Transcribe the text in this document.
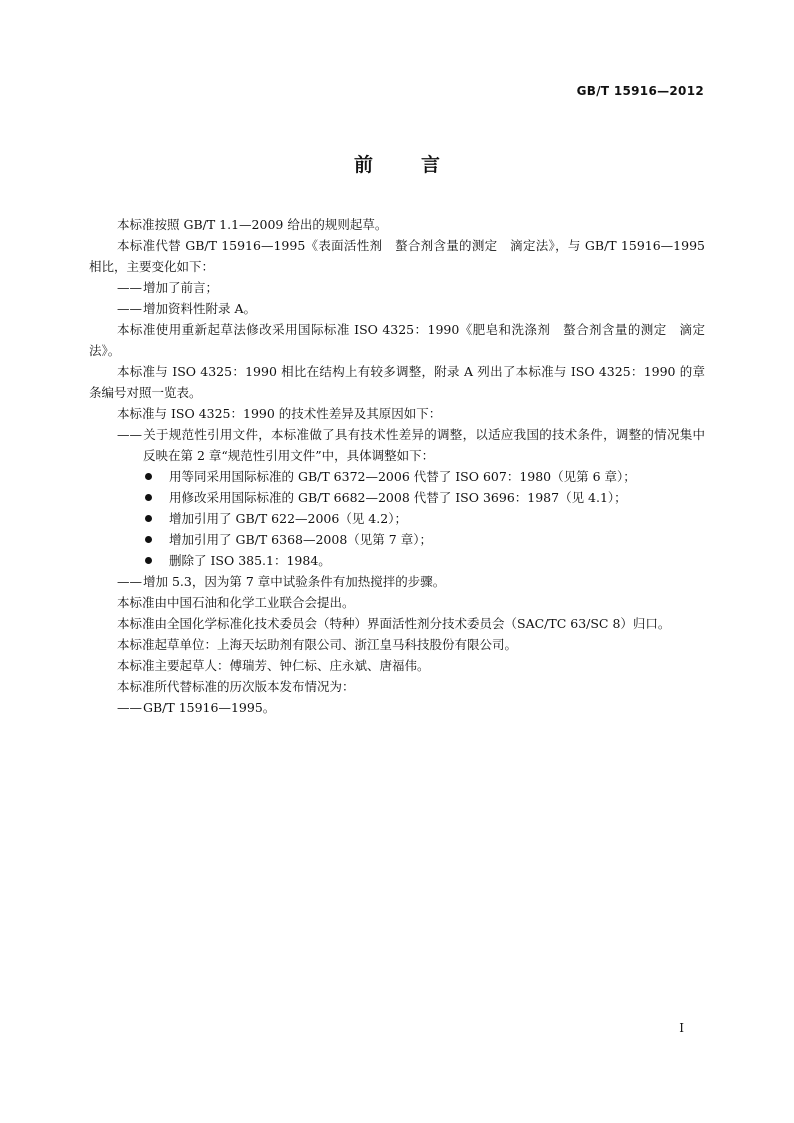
GB/T 15916—2012
前言

本标准按照 GB/T 1.1—2009 给出的规则起草。

本标准代替 GB/T 15916—1995《表面活性剂　螯合剂含量的测定　滴定法》，与 GB/T 15916—1995 相比，主要变化如下：

——增加了前言；

——增加资料性附录 A。

本标准使用重新起草法修改采用国际标准 ISO 4325：1990《肥皂和洗涤剂　螯合剂含量的测定　滴定法》。

本标准与 ISO 4325：1990 相比在结构上有较多调整，附录 A 列出了本标准与 ISO 4325：1990 的章条编号对照一览表。

本标准与 ISO 4325：1990 的技术性差异及其原因如下：

——关于规范性引用文件，本标准做了具有技术性差异的调整，以适应我国的技术条件，调整的情况集中反映在第 2 章“规范性引用文件”中，具体调整如下：

用等同采用国际标准的 GB/T 6372—2006 代替了 ISO 607：1980（见第 6 章）；

用修改采用国际标准的 GB/T 6682—2008 代替了 ISO 3696：1987（见 4.1）；

增加引用了 GB/T 622—2006（见 4.2）；

增加引用了 GB/T 6368—2008（见第 7 章）；

删除了 ISO 385.1：1984。

——增加 5.3，因为第 7 章中试验条件有加热搅拌的步骤。

本标准由中国石油和化学工业联合会提出。

本标准由全国化学标准化技术委员会（特种）界面活性剂分技术委员会（SAC/TC 63/SC 8）归口。

本标准起草单位：上海天坛助剂有限公司、浙江皇马科技股份有限公司。

本标准主要起草人：傅瑞芳、钟仁标、庄永斌、唐福伟。

本标准所代替标准的历次版本发布情况为：

——GB/T 15916—1995。

I
